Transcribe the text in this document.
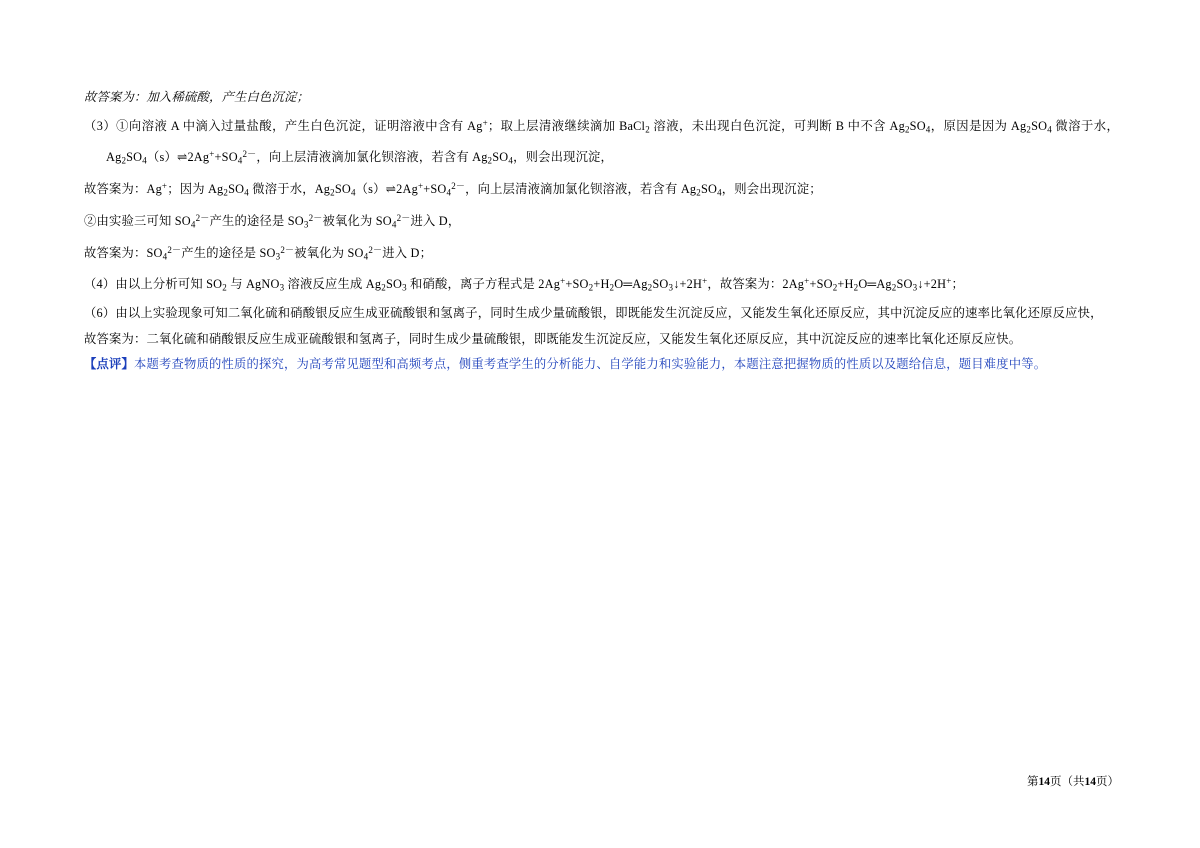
故答案为：加入稀硫酸，产生白色沉淀；

（3）①向溶液 A 中滴入过量盐酸，产生白色沉淀，证明溶液中含有 Ag+；取上层清液继续滴加 BaCl$_2$ 溶液，未出现白色沉淀，可判断 B 中不含 $Ag_2SO_4$，原因是因为 $Ag_2SO_4$ 微溶于水，$Ag_2SO_4(s)\rightleftharpoons 2Ag^++SO_4^{2-}$，向上层清液滴加氯化钡溶液，若含有 $Ag_2SO_4$，则会出现沉淀，

故答案为：Ag+；因为 $Ag_2SO_4$ 微溶于水，$Ag_2SO_4(s)\rightleftharpoons 2Ag^++SO_4^{2-}$，向上层清液滴加氯化钡溶液，若含有 $Ag_2SO_4$，则会出现沉淀；

②由实验三可知 $SO_4^{2-}$产生的途径是 $SO_3^{2-}$被氧化为 $SO_4^{2-}$进入 D，

故答案为：$SO_4^{2-}$产生的途径是 $SO_3^{2-}$被氧化为 $SO_4^{2-}$进入 D；

（4）由以上分析可知 $SO_2$ 与 AgNO$_3$ 溶液反应生成 $Ag_2SO_3$ 和硝酸，离子方程式是 $2Ag^++SO_2+H_2O═Ag_2SO_3↓+2H^+$，故答案为：$2Ag^++SO_2+H_2O═Ag_2SO_3↓+2H^+$；

（6）由以上实验现象可知二氧化硫和硝酸银反应生成亚硫酸银和氢离子，同时生成少量硫酸银，即既能发生沉淀反应，又能发生氧化还原反应，其中沉淀反应的速率比氧化还原反应快，

故答案为：二氧化硫和硝酸银反应生成亚硫酸银和氢离子，同时生成少量硫酸银，即既能发生沉淀反应，又能发生氧化还原反应，其中沉淀反应的速率比氧化还原反应快。

【点评】本题考查物质的性质的探究，为高考常见题型和高频考点，侧重考查学生的分析能力、自学能力和实验能力，本题注意把握物质的性质以及题给信息，题目难度中等。

第14页（共14页）
